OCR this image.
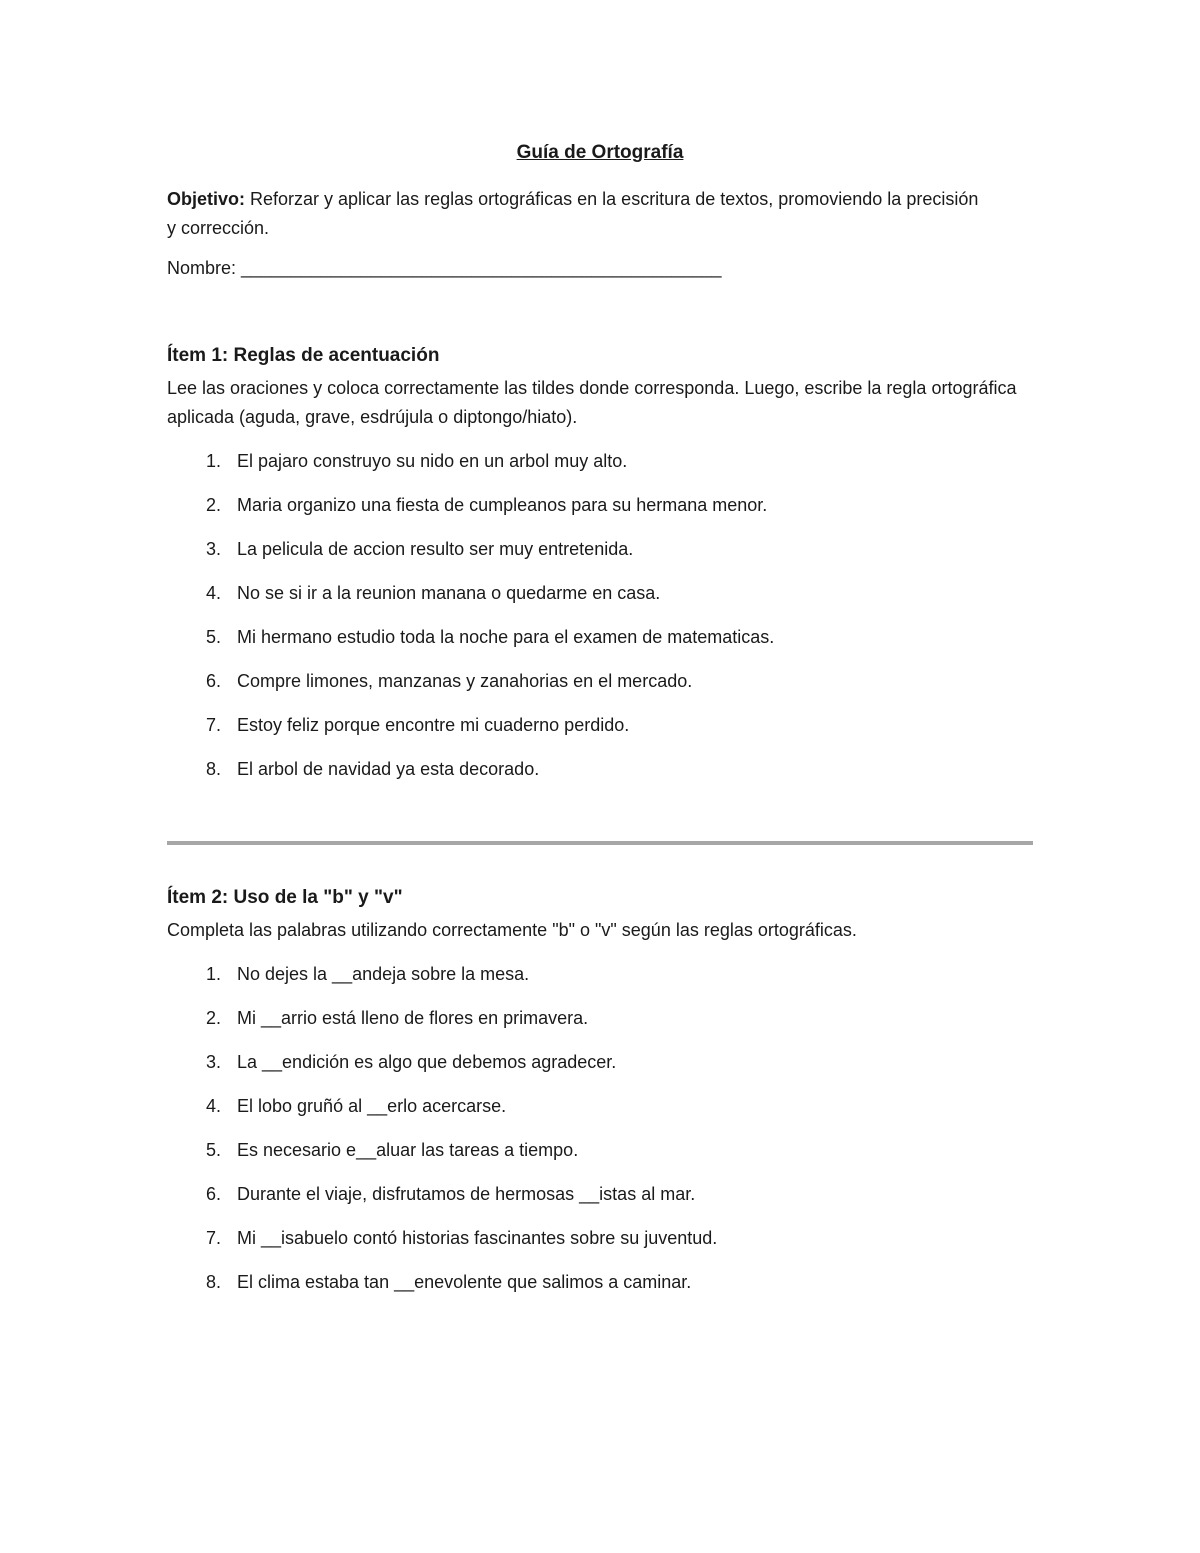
Guía de Ortografía
Objetivo: Reforzar y aplicar las reglas ortográficas en la escritura de textos, promoviendo la precisión y corrección.
Nombre: ________________________________________________
Ítem 1: Reglas de acentuación
Lee las oraciones y coloca correctamente las tildes donde corresponda. Luego, escribe la regla ortográfica aplicada (aguda, grave, esdrújula o diptongo/hiato).
1. El pajaro construyo su nido en un arbol muy alto.
2. Maria organizo una fiesta de cumpleanos para su hermana menor.
3. La pelicula de accion resulto ser muy entretenida.
4. No se si ir a la reunion manana o quedarme en casa.
5. Mi hermano estudio toda la noche para el examen de matematicas.
6. Compre limones, manzanas y zanahorias en el mercado.
7. Estoy feliz porque encontre mi cuaderno perdido.
8. El arbol de navidad ya esta decorado.
Ítem 2: Uso de la "b" y "v"
Completa las palabras utilizando correctamente "b" o "v" según las reglas ortográficas.
1. No dejes la __andeja sobre la mesa.
2. Mi __arrio está lleno de flores en primavera.
3. La __endición es algo que debemos agradecer.
4. El lobo gruñó al __erlo acercarse.
5. Es necesario e__aluar las tareas a tiempo.
6. Durante el viaje, disfrutamos de hermosas __istas al mar.
7. Mi __isabuelo contó historias fascinantes sobre su juventud.
8. El clima estaba tan __enevolente que salimos a caminar.
